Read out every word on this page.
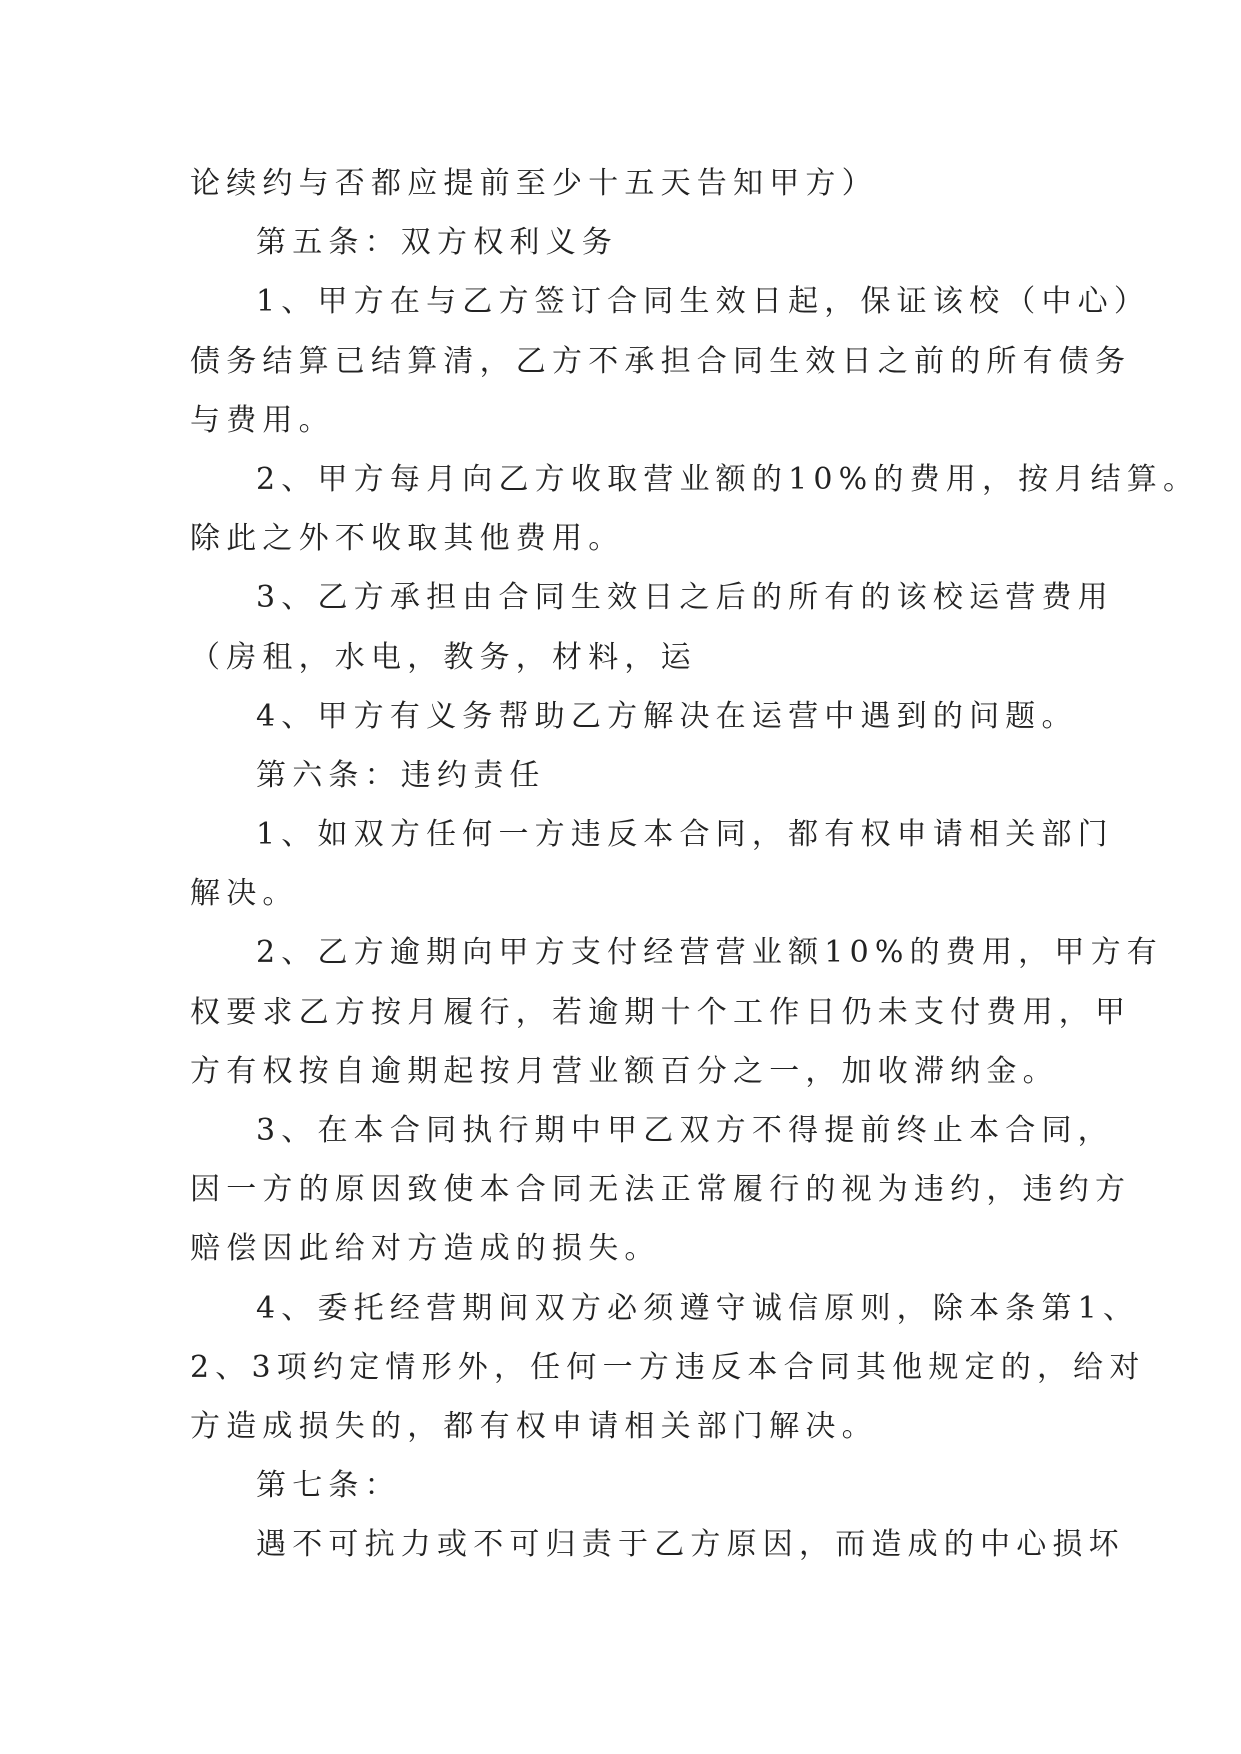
论续约与否都应提前至少十五天告知甲方）
第五条：双方权利义务
1、甲方在与乙方签订合同生效日起，保证该校（中心）
债务结算已结算清，乙方不承担合同生效日之前的所有债务
与费用。
2、甲方每月向乙方收取营业额的10%的费用，按月结算。
除此之外不收取其他费用。
3、乙方承担由合同生效日之后的所有的该校运营费用
（房租，水电，教务，材料，运
4、甲方有义务帮助乙方解决在运营中遇到的问题。
第六条：违约责任
1、如双方任何一方违反本合同，都有权申请相关部门
解决。
2、乙方逾期向甲方支付经营营业额10%的费用，甲方有
权要求乙方按月履行，若逾期十个工作日仍未支付费用，甲
方有权按自逾期起按月营业额百分之一，加收滞纳金。
3、在本合同执行期中甲乙双方不得提前终止本合同，
因一方的原因致使本合同无法正常履行的视为违约，违约方
赔偿因此给对方造成的损失。
4、委托经营期间双方必须遵守诚信原则，除本条第1、
2、3项约定情形外，任何一方违反本合同其他规定的，给对
方造成损失的，都有权申请相关部门解决。
第七条：
遇不可抗力或不可归责于乙方原因，而造成的中心损坏
